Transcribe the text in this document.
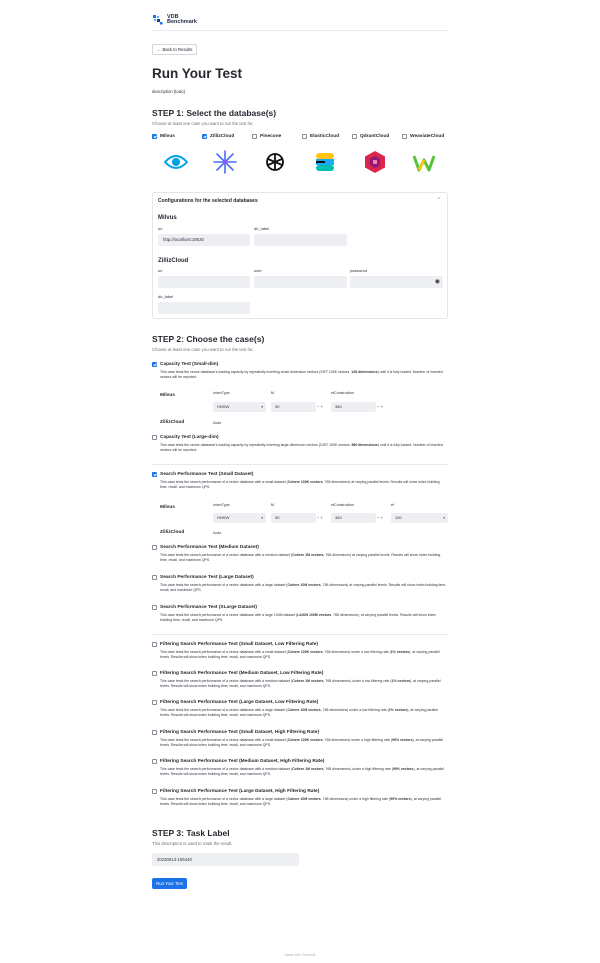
VDB
Benchmark
← Back to Results
Run Your Test
description [todo]
STEP 1: Select the database(s)
Choose at least one case you want to run the test for.
Milvus	ZillizCloud	Pinecone	ElasticCloud	QdrantCloud	WeaviateCloud
Configurations for the selected databases	⌃
Milvus
uri
http://localhost:19530
db_label
ZillizCloud
uri	user	password
◉
db_label
STEP 2: Choose the case(s)
Choose at least one case you want to run the test for.
Capacity Test (Small-dim)
This case tests the vector database's loading capacity by repeatedly inserting small-dimension vectors (SIFT 100K vectors, 128 dimensions) until it is fully loaded. Number of inserted vectors will be reported.
Milvus	IndexType
HNSW	▾
M
30	− +
efConstruction
360	− +
ZillizCloud	Auto
Capacity Test (Large-dim)
This case tests the vector database's loading capacity by repeatedly inserting large-dimension vectors (GIST 100K vectors, 960 dimensions) until it is fully loaded. Number of inserted vectors will be reported.
Search Performance Test (Small Dataset)
This case tests the search performance of a vector database with a small dataset (Cohere 100K vectors, 768 dimensions) at varying parallel levels. Results will show index building time, recall, and maximum QPS.
Milvus	IndexType
HNSW	▾
M
30	− +
efConstruction
360	− +
ef
100	▾
ZillizCloud	Auto
Search Performance Test (Medium Dataset)
This case tests the search performance of a vector database with a medium dataset (Cohere 1M vectors, 768 dimensions) at varying parallel levels. Results will show index building time, recall, and maximum QPS.
Search Performance Test (Large Dataset)
This case tests the search performance of a vector database with a large dataset (Cohere 10M vectors, 768 dimensions) at varying parallel levels. Results will show index building time, recall, and maximum QPS.
Search Performance Test (XLarge Dataset)
This case tests the search performance of a vector database with a large 100M dataset (LAION 100M vectors, 768 dimensions), at varying parallel levels. Results will show index building time, recall, and maximum QPS.
Filtering Search Performance Test (Small Dataset, Low Filtering Rate)
This case tests the search performance of a vector database with a small dataset (Cohere 100K vectors, 768 dimensions) under a low filtering rate (1% vectors), at varying parallel levels. Results will show index building time, recall, and maximum QPS.
Filtering Search Performance Test (Medium Dataset, Low Filtering Rate)
This case tests the search performance of a vector database with a medium dataset (Cohere 1M vectors, 768 dimensions) under a low filtering rate (1% vectors), at varying parallel levels. Results will show index building time, recall, and maximum QPS.
Filtering Search Performance Test (Large Dataset, Low Filtering Rate)
This case tests the search performance of a vector database with a large dataset (Cohere 10M vectors, 768 dimensions) under a low filtering rate (1% vectors), at varying parallel levels. Results will show index building time, recall, and maximum QPS.
Filtering Search Performance Test (Small Dataset, High Filtering Rate)
This case tests the search performance of a vector database with a small dataset (Cohere 100K vectors, 768 dimensions) under a high filtering rate (99% vectors), at varying parallel levels. Results will show index building time, recall, and maximum QPS.
Filtering Search Performance Test (Medium Dataset, High Filtering Rate)
This case tests the search performance of a vector database with a medium dataset (Cohere 1M vectors, 768 dimensions) under a high filtering rate (99% vectors), at varying parallel levels. Results will show index building time, recall, and maximum QPS.
Filtering Search Performance Test (Large Dataset, High Filtering Rate)
This case tests the search performance of a vector database with a large dataset (Cohere 10M vectors, 768 dimensions) under a high filtering rate (99% vectors), at varying parallel levels. Results will show index building time, recall, and maximum QPS.
STEP 3: Task Label
This description is used to mark the result.
20230613-185440
Run Your Test
Made with Streamlit
